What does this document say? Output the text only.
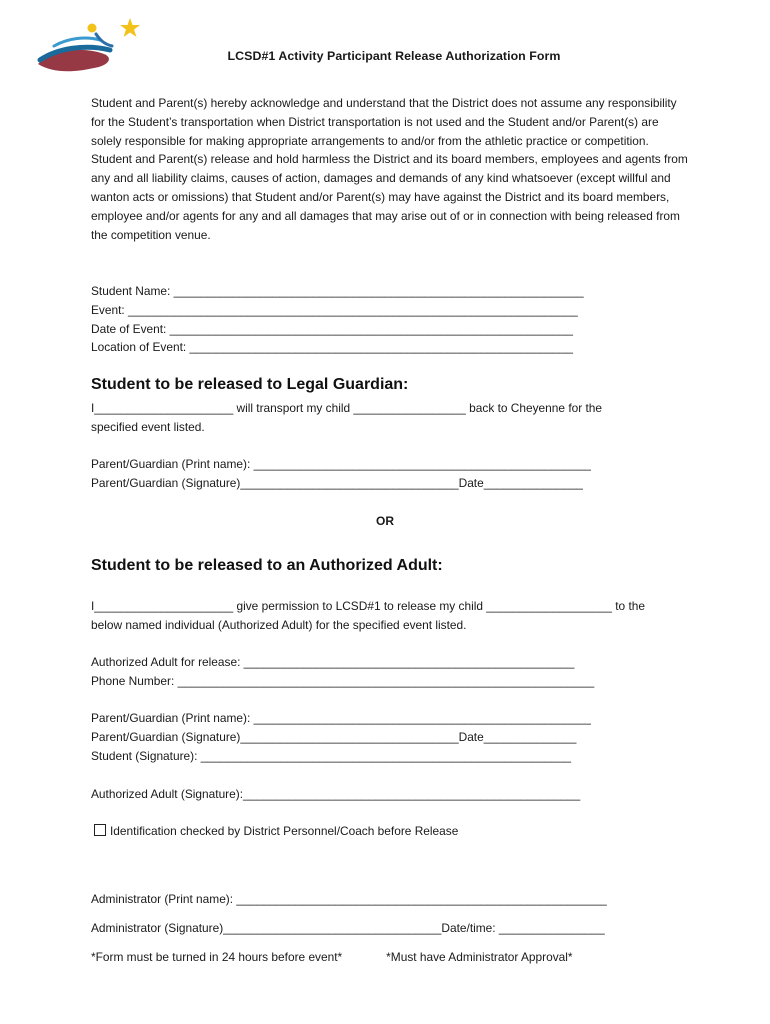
LCSD#1 Activity Participant Release Authorization Form

Student and Parent(s) hereby acknowledge and understand that the District does not assume any responsibility for the Student’s transportation when District transportation is not used and the Student and/or Parent(s) are solely responsible for making appropriate arrangements to and/or from the athletic practice or competition.

Student and Parent(s) release and hold harmless the District and its board members, employees and agents from any and all liability claims, causes of action, damages and demands of any kind whatsoever (except willful and wanton acts or omissions) that Student and/or Parent(s) may have against the District and its board members, employee and/or agents for any and all damages that may arise out of or in connection with being released from the competition venue.

Student Name: ______________________________________________________________

Event: ____________________________________________________________________

Date of Event: _____________________________________________________________

Location of Event: __________________________________________________________

Student to be released to Legal Guardian:

I_____________________ will transport my child _________________ back to Cheyenne for the

specified event listed.

Parent/Guardian (Print name): ___________________________________________________

Parent/Guardian (Signature)_________________________________Date_______________

OR
Student to be released to an Authorized Adult:

I_____________________ give permission to LCSD#1 to release my child ___________________ to the

below named individual (Authorized Adult) for the specified event listed.

Authorized Adult for release: __________________________________________________

Phone Number: _______________________________________________________________

Parent/Guardian (Print name): ___________________________________________________

Parent/Guardian (Signature)_________________________________Date______________

Student (Signature): ________________________________________________________

Authorized Adult (Signature):___________________________________________________

Identification checked by District Personnel/Coach before Release

Administrator (Print name): ________________________________________________________

Administrator (Signature)_________________________________Date/time: ________________

*Form must be turned in 24 hours before event*	*Must have Administrator Approval*
